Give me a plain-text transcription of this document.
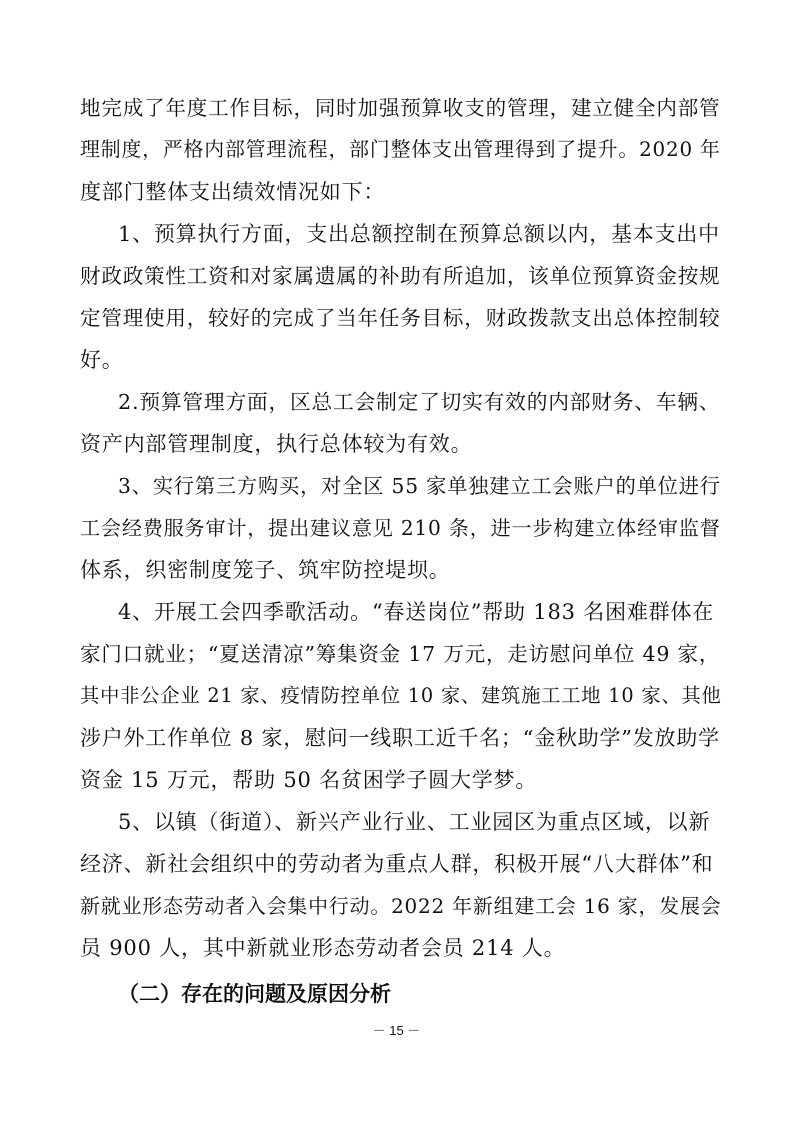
地完成了年度工作目标，同时加强预算收支的管理，建立健全内部管
理制度，严格内部管理流程，部门整体支出管理得到了提升。2020 年
度部门整体支出绩效情况如下：
1、预算执行方面，支出总额控制在预算总额以内，基本支出中
财政政策性工资和对家属遗属的补助有所追加，该单位预算资金按规
定管理使用，较好的完成了当年任务目标，财政拨款支出总体控制较
好。
2.预算管理方面，区总工会制定了切实有效的内部财务、车辆、
资产内部管理制度，执行总体较为有效。
3、实行第三方购买，对全区 55 家单独建立工会账户的单位进行
工会经费服务审计，提出建议意见 210 条，进一步构建立体经审监督
体系，织密制度笼子、筑牢防控堤坝。
4、开展工会四季歌活动。“春送岗位”帮助 183 名困难群体在
家门口就业；“夏送清凉”筹集资金 17 万元，走访慰问单位 49 家，
其中非公企业 21 家、疫情防控单位 10 家、建筑施工工地 10 家、其他
涉户外工作单位 8 家，慰问一线职工近千名；“金秋助学”发放助学
资金 15 万元，帮助 50 名贫困学子圆大学梦。
5、以镇（街道）、新兴产业行业、工业园区为重点区域，以新
经济、新社会组织中的劳动者为重点人群，积极开展“八大群体”和
新就业形态劳动者入会集中行动。2022 年新组建工会 16 家，发展会
员 900 人，其中新就业形态劳动者会员 214 人。
（二）存在的问题及原因分析
－ 15 －
